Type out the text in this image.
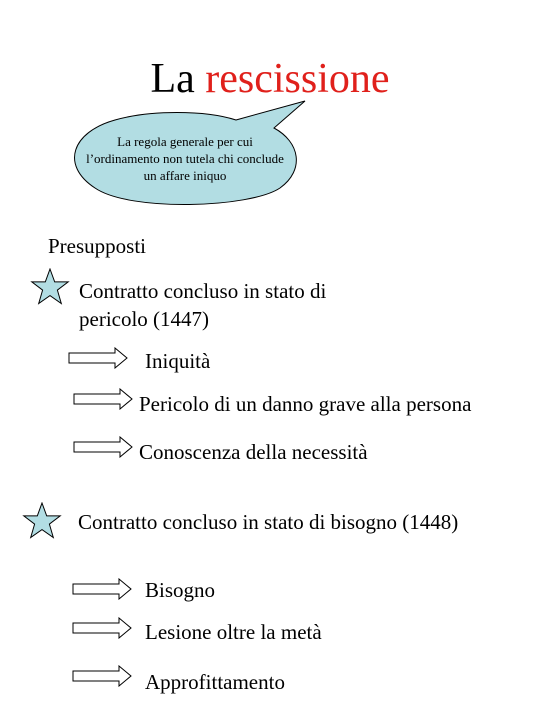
La rescissione
La regola generale per cui
l’ordinamento non tutela chi conclude
un affare iniquo
Presupposti
Contratto concluso in stato di
pericolo (1447)
Iniquità
Pericolo di un danno grave alla persona
Conoscenza della necessità
Contratto concluso in stato di bisogno (1448)
Bisogno
Lesione oltre la metà
Approfittamento
